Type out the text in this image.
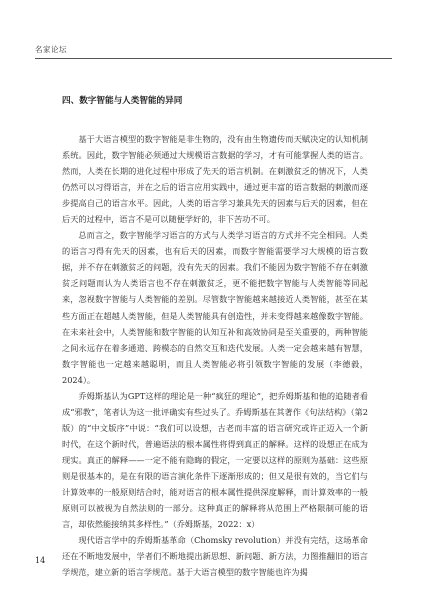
名家论坛
四、数字智能与人类智能的异同

基于大语言模型的数字智能是非生物的，没有由生物遗传而天赋决定的认知机制系统。因此，数字智能必须通过大规模语言数据的学习，才有可能掌握人类的语言。然而，人类在长期的进化过程中形成了先天的语言机制。在刺激贫乏的情况下，人类仍然可以习得语言，并在之后的语言应用实践中，通过更丰富的语言数据的刺激而逐步提高自己的语言水平。因此，人类的语言学习兼具先天的因素与后天的因素，但在后天的过程中，语言不是可以随便学好的，非下苦功不可。

总而言之，数字智能学习语言的方式与人类学习语言的方式并不完全相同。人类的语言习得有先天的因素，也有后天的因素，而数字智能需要学习大规模的语言数据，并不存在刺激贫乏的问题，没有先天的因素。我们不能因为数字智能不存在刺激贫乏问题而认为人类语言也不存在刺激贫乏，更不能把数字智能与人类智能等同起来，忽视数字智能与人类智能的差别。尽管数字智能越来越接近人类智能，甚至在某些方面正在超越人类智能，但是人类智能具有创造性，并未变得越来越像数字智能。在未来社会中，人类智能和数字智能的认知互补和高效协同是至关重要的，两种智能之间永远存在着多通道、跨模态的自然交互和迭代发展。人类一定会越来越有智慧，数字智能也一定越来越聪明，而且人类智能必将引领数字智能的发展（李德毅，2024）。

乔姆斯基认为GPT这样的理论是一种“疯狂的理论”，把乔姆斯基和他的追随者看成“邪教”，笔者认为这一批评确实有些过头了。乔姆斯基在其著作《句法结构》（第2版）的“中文版序”中说：“我们可以设想，古老而丰富的语言研究或许正迈入一个新时代，在这个新时代，普遍语法的根本属性将得到真正的解释。这样的设想正在成为现实。真正的解释——一定不能有隐晦的假定，一定要以这样的原则为基础：这些原则是很基本的，是在有限的语言演化条件下逐渐形成的；但又是很有效的，当它们与计算效率的一般原则结合时，能对语言的根本属性提供深度解释，而计算效率的一般原则可以被视为自然法则的一部分。这种真正的解释将从范围上严格限制可能的语言，却依然能接纳其多样性。”（乔姆斯基，2022：x）

现代语言学中的乔姆斯基革命（Chomsky revolution）并没有完结，这场革命还在不断地发展中，学者们不断地提出新思想、新问题、新方法，力图推翻旧的语言学规范，建立新的语言学规范。基于大语言模型的数字智能也许为揭

14
